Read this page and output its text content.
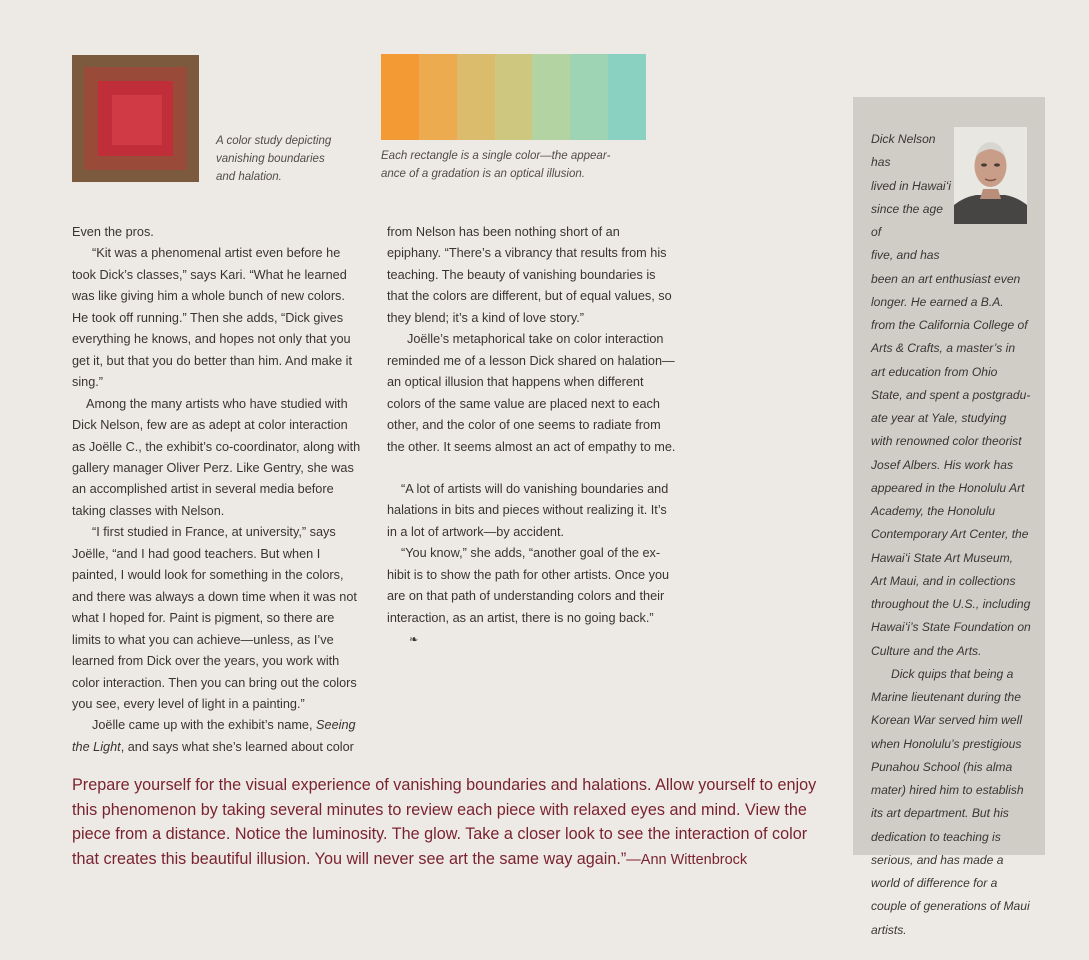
A color study depicting vanishing boundaries and halation.
Each rectangle is a single color—the appearance of a gradation is an optical illusion.

Even the pros.

“Kit was a phenomenal artist even before he took Dick’s classes,” says Kari. “What he learned was like giving him a whole bunch of new colors. He took off running.” Then she adds, “Dick gives everything he knows, and hopes not only that you get it, but that you do better than him. And make it sing.”

Among the many artists who have studied with Dick Nelson, few are as adept at color interaction as Joëlle C., the exhibit’s co-coordinator, along with gallery manager Oliver Perz. Like Gentry, she was an accomplished artist in several media before taking classes with Nelson.

“I first studied in France, at university,” says Joëlle, “and I had good teachers. But when I painted, I would look for something in the colors, and there was always a down time when it was not what I hoped for. Paint is pigment, so there are limits to what you can achieve—unless, as I’ve learned from Dick over the years, you work with color interaction. Then you can bring out the colors you see, every level of light in a painting.”

Joëlle came up with the exhibit’s name, Seeing the Light, and says what she’s learned about color

from Nelson has been nothing short of an epiphany. “There’s a vibrancy that results from his teaching. The beauty of vanishing boundaries is that the colors are different, but of equal values, so they blend; it’s a kind of love story.”

Joëlle’s metaphorical take on color interaction reminded me of a lesson Dick shared on halation—an optical illusion that happens when different colors of the same value are placed next to each other, and the color of one seems to radiate from the other. It seems almost an act of empathy to me.

“A lot of artists will do vanishing boundaries and halations in bits and pieces without realizing it. It’s in a lot of artwork—by accident.

“You know,” she adds, “another goal of the exhibit is to show the path for other artists. Once you are on that path of understanding colors and their interaction, as an artist, there is no going back.”❧

Prepare yourself for the visual experience of vanishing boundaries and halations. Allow yourself to enjoy this phenomenon by taking several minutes to review each piece with relaxed eyes and mind. View the piece from a distance. Notice the luminosity. The glow. Take a closer look to see the interaction of color that creates this beautiful illusion. You will never see art the same way again.”—Ann Wittenbrock
Dick Nelson has
lived in Hawaiʻi
since the age of
five, and has

been an art enthusiast even longer. He earned a B.A. from the California College of Arts & Crafts, a master’s in art education from Ohio State, and spent a postgraduate year at Yale, studying with renowned color theorist Josef Albers. His work has appeared in the Honolulu Art Academy, the Honolulu Contemporary Art Center, the Hawaiʻi State Art Museum, Art Maui, and in collections throughout the U.S., including Hawaiʻi’s State Foundation on Culture and the Arts.

Dick quips that being a Marine lieutenant during the Korean War served him well when Honolulu’s prestigious Punahou School (his alma mater) hired him to establish its art department. But his dedication to teaching is serious, and has made a world of difference for a couple of generations of Maui artists.
